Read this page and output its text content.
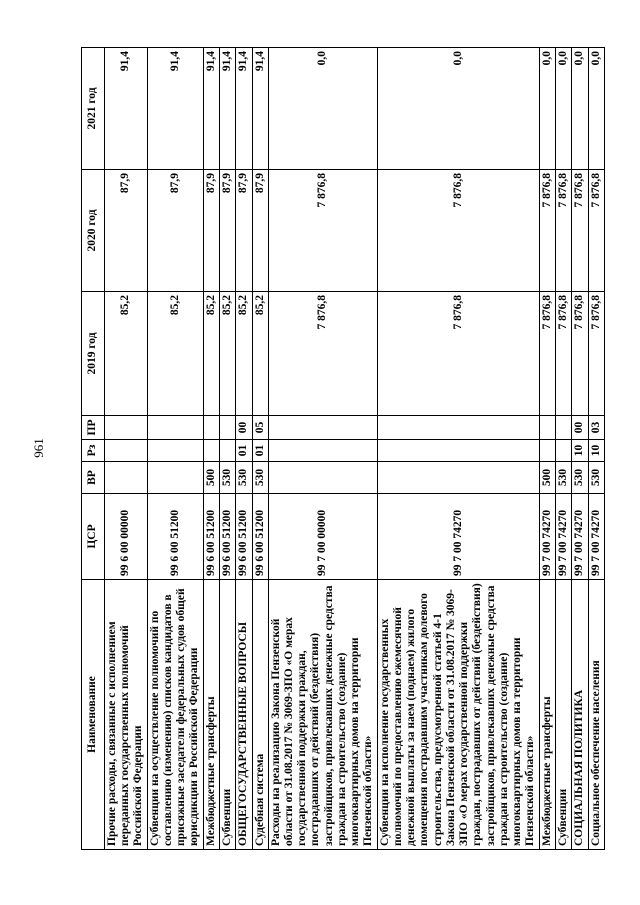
961
Наименование	ЦСР	ВР	Рз	ПР	2019 год	2020 год	2021 год
Прочие расходы, связанные с исполнением переданных государственных полномочий Российской Федерации	99 6 00 00000				85,2	87,9	91,4
Субвенции на осуществление полномочий по составлению (изменению) списков кандидатов в присяжные заседатели федеральных судов общей юрисдикции в Российской Федерации	99 6 00 51200				85,2	87,9	91,4
Межбюджетные трансферты	99 6 00 51200	500			85,2	87,9	91,4
Субвенции	99 6 00 51200	530			85,2	87,9	91,4
ОБЩЕГОСУДАРСТВЕННЫЕ ВОПРОСЫ	99 6 00 51200	530	01	00	85,2	87,9	91,4
Судебная система	99 6 00 51200	530	01	05	85,2	87,9	91,4
Расходы на реализацию Закона Пензенской области от 31.08.2017 № 3069-ЗПО «О мерах государственной поддержки граждан, пострадавших от действий (бездействия) застройщиков, привлекавших денежные средства граждан на строительство (создание) многоквартирных домов на территории Пензенской области»	99 7 00 00000				7 876,8	7 876,8	0,0
Субвенции на исполнение государственных полномочий по предоставлению ежемесячной денежной выплаты за наем (поднаем) жилого помещения пострадавшим участникам долевого строительства, предусмотренной статьей 4-1 Закона Пензенской области от 31.08.2017 № 3069-ЗПО «О мерах государственной поддержки граждан, пострадавших от действий (бездействия) застройщиков, привлекавших денежные средства граждан на строительство (создание) многоквартирных домов на территории Пензенской области»	99 7 00 74270				7 876,8	7 876,8	0,0
Межбюджетные трансферты	99 7 00 74270	500			7 876,8	7 876,8	0,0
Субвенции	99 7 00 74270	530			7 876,8	7 876,8	0,0
СОЦИАЛЬНАЯ ПОЛИТИКА	99 7 00 74270	530	10	00	7 876,8	7 876,8	0,0
Социальное обеспечение населения	99 7 00 74270	530	10	03	7 876,8	7 876,8	0,0
